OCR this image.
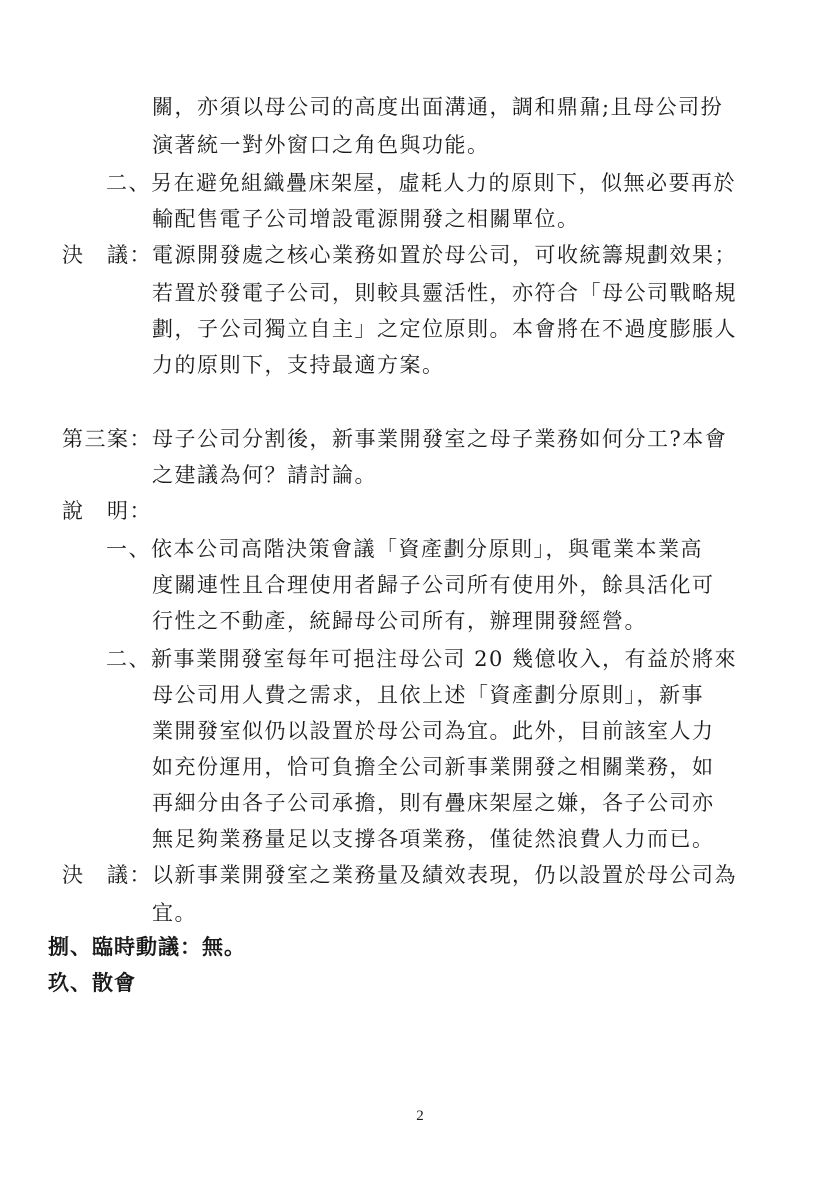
關，亦須以母公司的高度出面溝通，調和鼎鼐;且母公司扮
演著統一對外窗口之角色與功能。
二、另在避免組織疊床架屋，虛耗人力的原則下，似無必要再於
輸配售電子公司增設電源開發之相關單位。
決　議：電源開發處之核心業務如置於母公司，可收統籌規劃效果；
若置於發電子公司，則較具靈活性，亦符合「母公司戰略規
劃，子公司獨立自主」之定位原則。本會將在不過度膨脹人
力的原則下，支持最適方案。
第三案：母子公司分割後，新事業開發室之母子業務如何分工?本會
之建議為何？請討論。
說　明：
一、依本公司高階決策會議「資產劃分原則」，與電業本業高
度關連性且合理使用者歸子公司所有使用外，餘具活化可
行性之不動產，統歸母公司所有，辦理開發經營。
二、新事業開發室每年可挹注母公司 20 幾億收入，有益於將來
母公司用人費之需求，且依上述「資產劃分原則」，新事
業開發室似仍以設置於母公司為宜。此外，目前該室人力
如充份運用，恰可負擔全公司新事業開發之相關業務，如
再細分由各子公司承擔，則有疊床架屋之嫌，各子公司亦
無足夠業務量足以支撐各項業務，僅徒然浪費人力而已。
決　議：以新事業開發室之業務量及績效表現，仍以設置於母公司為
宜。
捌、臨時動議：無。
玖、散會
2
